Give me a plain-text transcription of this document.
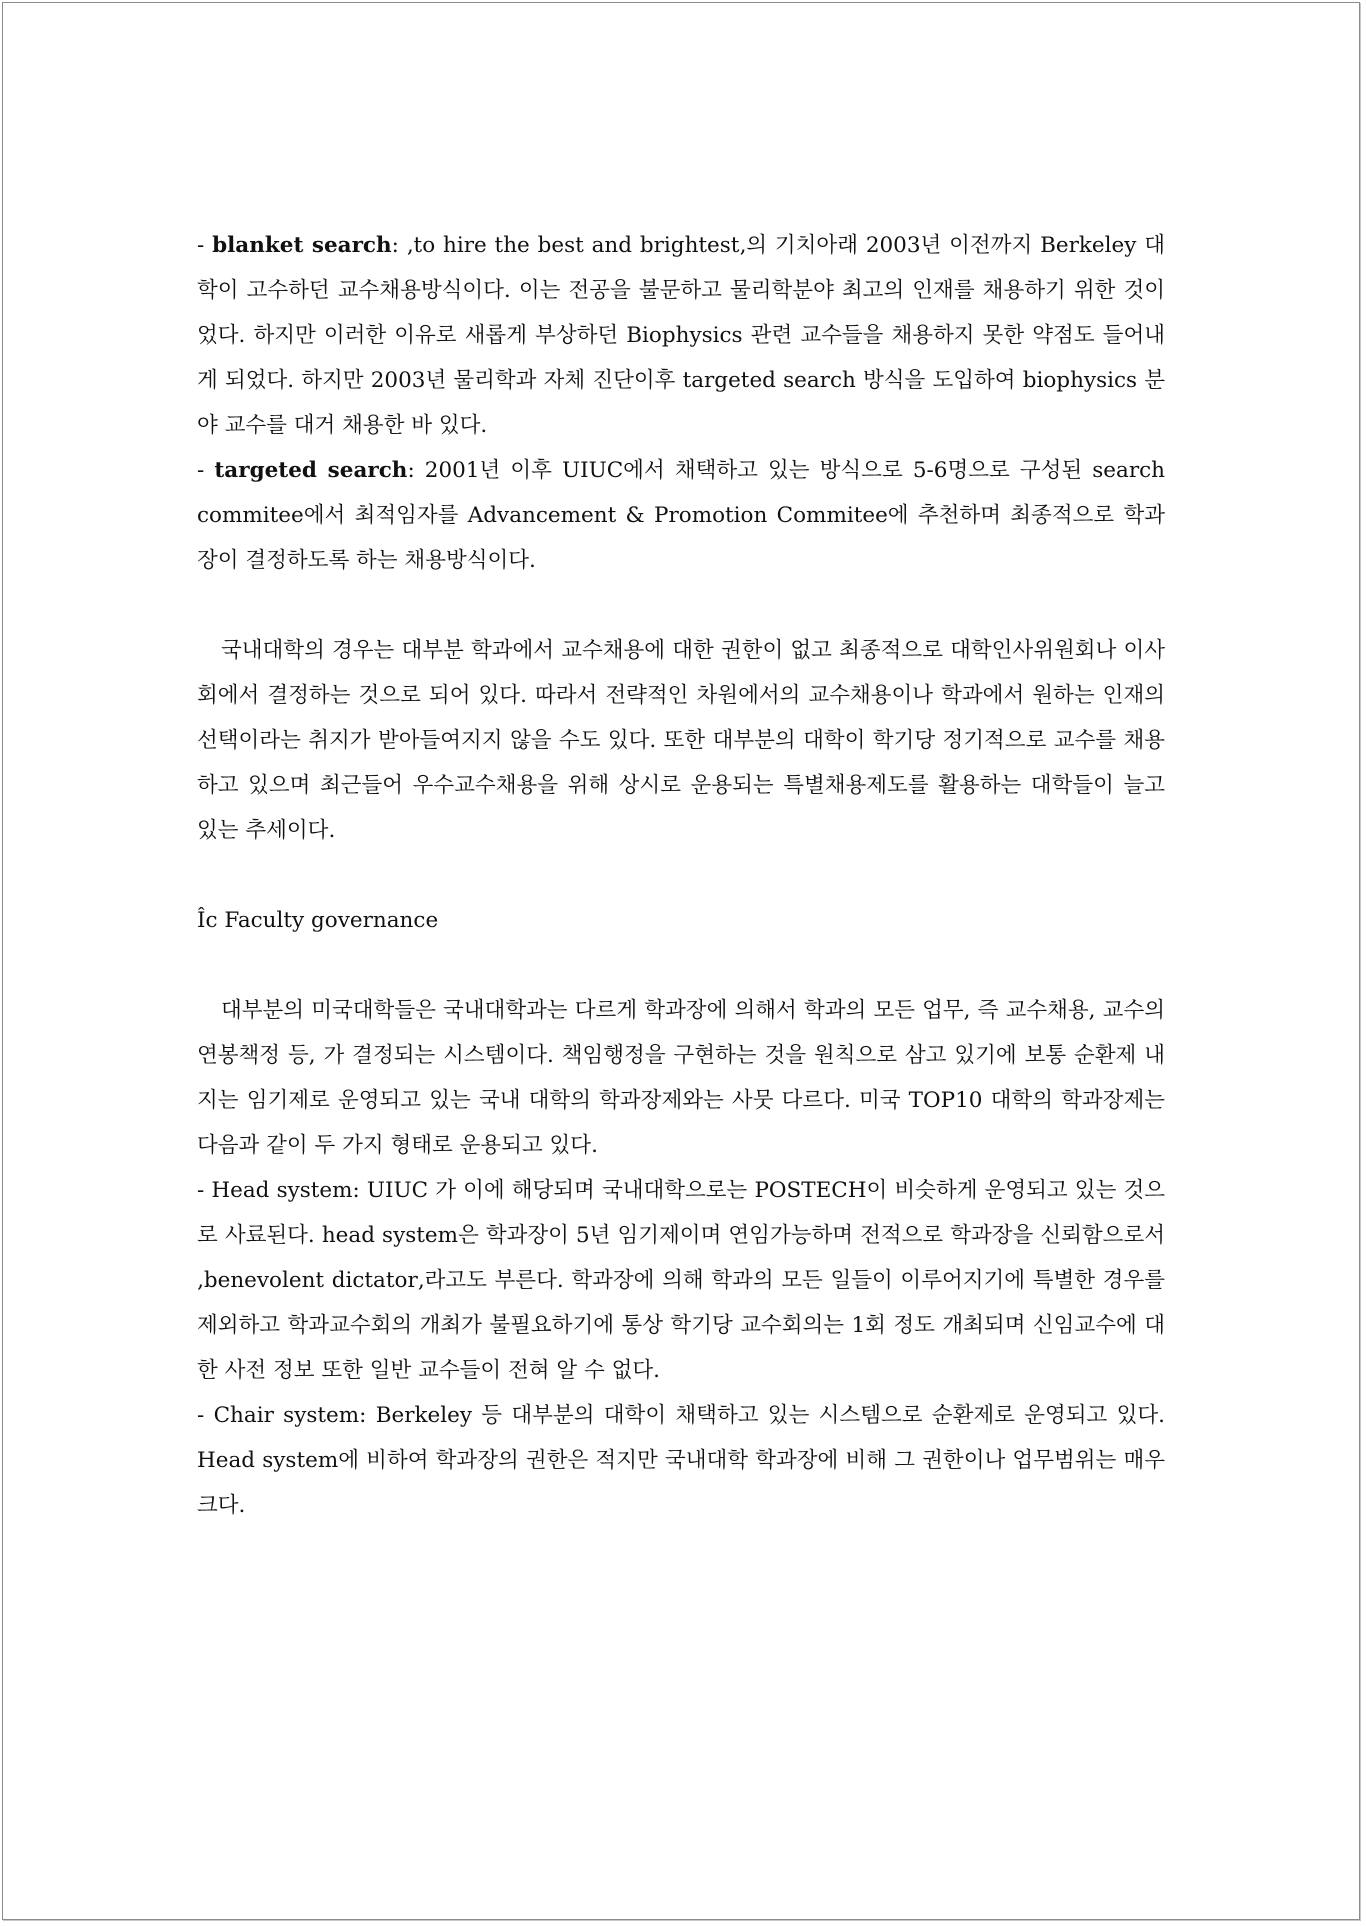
- blanket search: ‚to hire the best and brightest‚의 기치아래 2003년 이전까지 Berkeley 대학이 고수하던 교수채용방식이다. 이는 전공을 불문하고 물리학분야 최고의 인재를 채용하기 위한 것이었다. 하지만 이러한 이유로 새롭게 부상하던 Biophysics 관련 교수들을 채용하지 못한 약점도 들어내게 되었다. 하지만 2003년 물리학과 자체 진단이후 targeted search 방식을 도입하여 biophysics 분야 교수를 대거 채용한 바 있다.

- targeted search: 2001년 이후 UIUC에서 채택하고 있는 방식으로 5-6명으로 구성된 search commitee에서 최적임자를 Advancement & Promotion Commitee에 추천하며 최종적으로 학과장이 결정하도록 하는 채용방식이다.

국내대학의 경우는 대부분 학과에서 교수채용에 대한 권한이 없고 최종적으로 대학인사위원회나 이사회에서 결정하는 것으로 되어 있다. 따라서 전략적인 차원에서의 교수채용이나 학과에서 원하는 인재의 선택이라는 취지가 받아들여지지 않을 수도 있다. 또한 대부분의 대학이 학기당 정기적으로 교수를 채용하고 있으며 최근들어 우수교수채용을 위해 상시로 운용되는 특별채용제도를 활용하는 대학들이 늘고 있는 추세이다.

Îc Faculty governance

대부분의 미국대학들은 국내대학과는 다르게 학과장에 의해서 학과의 모든 업무, 즉 교수채용, 교수의 연봉책정 등, 가 결정되는 시스템이다. 책임행정을 구현하는 것을 원칙으로 삼고 있기에 보통 순환제 내지는 임기제로 운영되고 있는 국내 대학의 학과장제와는 사뭇 다르다. 미국 TOP10 대학의 학과장제는 다음과 같이 두 가지 형태로 운용되고 있다.

- Head system: UIUC 가 이에 해당되며 국내대학으로는 POSTECH이 비슷하게 운영되고 있는 것으로 사료된다. head system은 학과장이 5년 임기제이며 연임가능하며 전적으로 학과장을 신뢰함으로서 ‚benevolent dictator‚라고도 부른다. 학과장에 의해 학과의 모든 일들이 이루어지기에 특별한 경우를 제외하고 학과교수회의 개최가 불필요하기에 통상 학기당 교수회의는 1회 정도 개최되며 신임교수에 대한 사전 정보 또한 일반 교수들이 전혀 알 수 없다.

- Chair system: Berkeley 등 대부분의 대학이 채택하고 있는 시스템으로 순환제로 운영되고 있다. Head system에 비하여 학과장의 권한은 적지만 국내대학 학과장에 비해 그 권한이나 업무범위는 매우 크다.
